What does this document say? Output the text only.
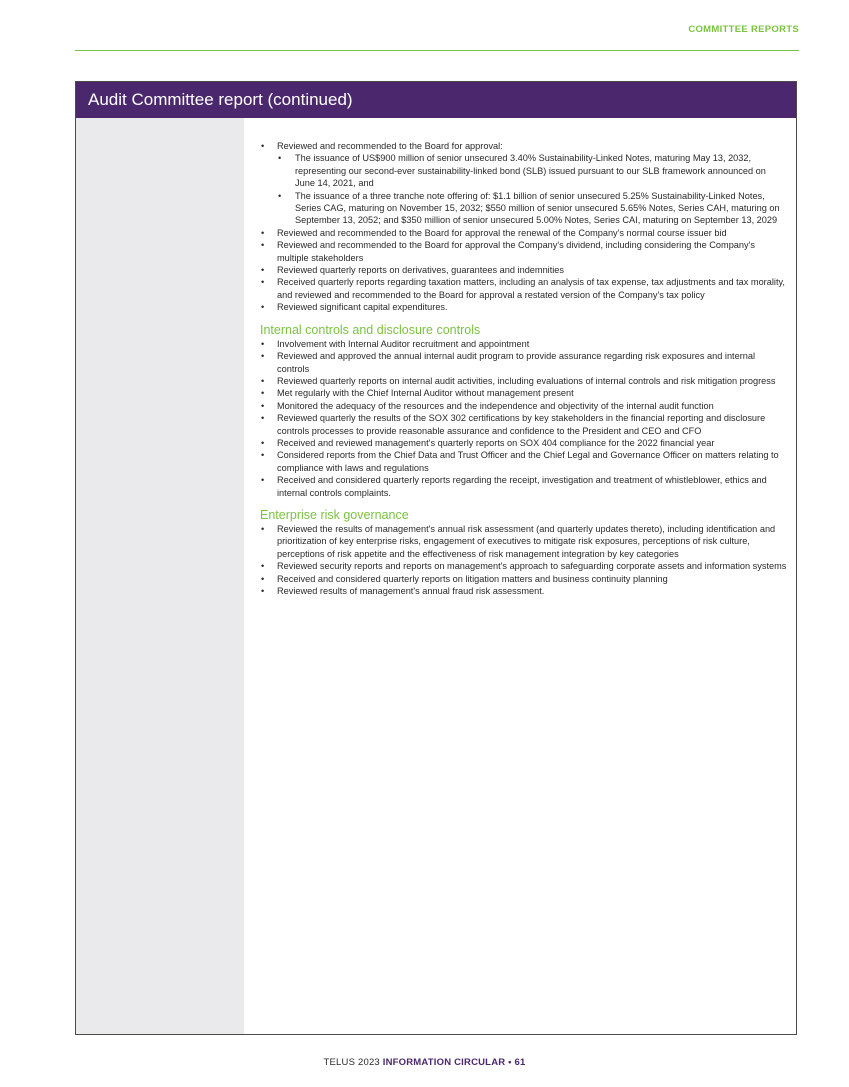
COMMITTEE REPORTS
Audit Committee report (continued)
• Reviewed and recommended to the Board for approval:
• The issuance of US$900 million of senior unsecured 3.40% Sustainability-Linked Notes, maturing May 13, 2032, representing our second-ever sustainability-linked bond (SLB) issued pursuant to our SLB framework announced on June 14, 2021, and
• The issuance of a three tranche note offering of: $1.1 billion of senior unsecured 5.25% Sustainability-Linked Notes, Series CAG, maturing on November 15, 2032; $550 million of senior unsecured 5.65% Notes, Series CAH, maturing on September 13, 2052; and $350 million of senior unsecured 5.00% Notes, Series CAI, maturing on September 13, 2029
• Reviewed and recommended to the Board for approval the renewal of the Company's normal course issuer bid
• Reviewed and recommended to the Board for approval the Company's dividend, including considering the Company's multiple stakeholders
• Reviewed quarterly reports on derivatives, guarantees and indemnities
• Received quarterly reports regarding taxation matters, including an analysis of tax expense, tax adjustments and tax morality, and reviewed and recommended to the Board for approval a restated version of the Company's tax policy
• Reviewed significant capital expenditures.
Internal controls and disclosure controls
• Involvement with Internal Auditor recruitment and appointment
• Reviewed and approved the annual internal audit program to provide assurance regarding risk exposures and internal controls
• Reviewed quarterly reports on internal audit activities, including evaluations of internal controls and risk mitigation progress
• Met regularly with the Chief Internal Auditor without management present
• Monitored the adequacy of the resources and the independence and objectivity of the internal audit function
• Reviewed quarterly the results of the SOX 302 certifications by key stakeholders in the financial reporting and disclosure controls processes to provide reasonable assurance and confidence to the President and CEO and CFO
• Received and reviewed management's quarterly reports on SOX 404 compliance for the 2022 financial year
• Considered reports from the Chief Data and Trust Officer and the Chief Legal and Governance Officer on matters relating to compliance with laws and regulations
• Received and considered quarterly reports regarding the receipt, investigation and treatment of whistleblower, ethics and internal controls complaints.
Enterprise risk governance
• Reviewed the results of management's annual risk assessment (and quarterly updates thereto), including identification and prioritization of key enterprise risks, engagement of executives to mitigate risk exposures, perceptions of risk culture, perceptions of risk appetite and the effectiveness of risk management integration by key categories
• Reviewed security reports and reports on management's approach to safeguarding corporate assets and information systems
• Received and considered quarterly reports on litigation matters and business continuity planning
• Reviewed results of management's annual fraud risk assessment.
TELUS 2023 INFORMATION CIRCULAR • 61
